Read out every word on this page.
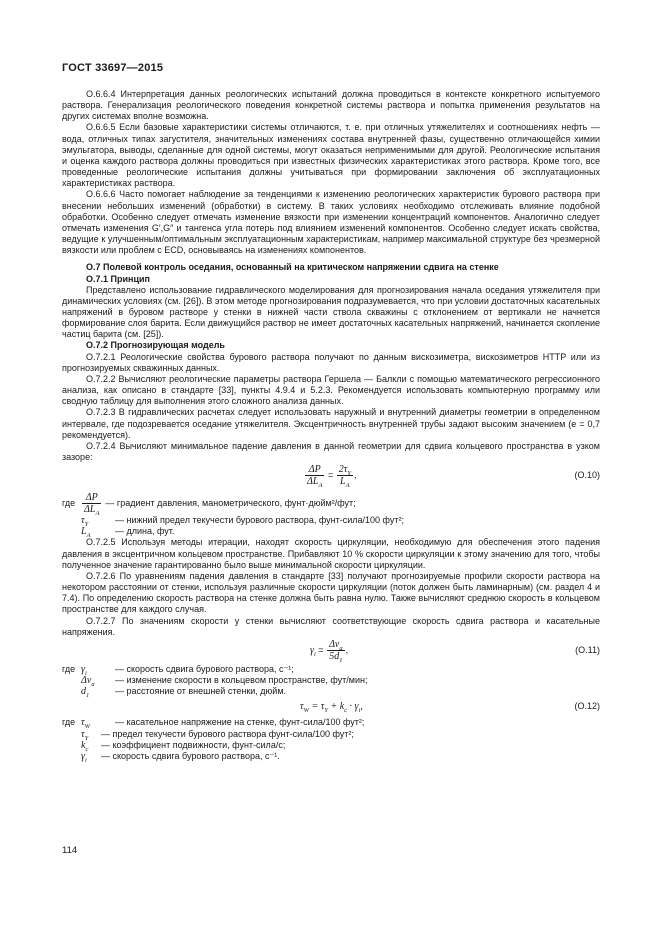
ГОСТ 33697—2015

О.6.6.4 Интерпретация данных реологических испытаний должна проводиться в контексте конкретного испытуемого раствора. Генерализация реологического поведения конкретной системы раствора и попытка применения результатов на других системах вполне возможна.

О.6.6.5 Если базовые характеристики системы отличаются, т. е. при отличных утяжелителях и соотношениях нефть — вода, отличных типах загустителя, значительных изменениях состава внутренней фазы, существенно отличающейся химии эмульгатора, выводы, сделанные для одной системы, могут оказаться неприменимыми для другой. Реологические испытания и оценка каждого раствора должны проводиться при известных физических характеристиках этого раствора. Кроме того, все проведенные реологические испытания должны учитываться при формировании заключения об эксплуатационных характеристиках раствора.

О.6.6.6 Часто помогает наблюдение за тенденциями к изменению реологических характеристик бурового раствора при внесении небольших изменений (обработки) в систему. В таких условиях необходимо отслеживать влияние подобной обработки. Особенно следует отмечать изменение вязкости при изменении концентраций компонентов. Аналогично следует отмечать изменения G′,G″ и тангенса угла потерь под влиянием изменений компонентов. Особенно следует искать свойства, ведущие к улучшенным/оптимальным эксплуатационным характеристикам, например максимальной структуре без чрезмерной вязкости или проблем с ECD, основываясь на изменениях компонентов.

О.7 Полевой контроль оседания, основанный на критическом напряжении сдвига на стенке

О.7.1 Принцип

Представлено использование гидравлического моделирования для прогнозирования начала оседания утяжелителя при динамических условиях (см. [26]). В этом методе прогнозирования подразумевается, что при условии достаточных касательных напряжений в буровом растворе у стенки в нижней части ствола скважины с отклонением от вертикали не начнется формирование слоя барита. Если движущийся раствор не имеет достаточных касательных напряжений, начинается скопление частиц барита (см. [25]).

О.7.2 Прогнозирующая модель

О.7.2.1 Реологические свойства бурового раствора получают по данным вискозиметра, вискозиметров HTTP или из прогнозируемых скважинных данных.

О.7.2.2 Вычисляют реологические параметры раствора Гершела — Балкли с помощью математического регрессионного анализа, как описано в стандарте [33], пункты 4.9.4 и 5.2.3. Рекомендуется использовать компьютерную программу или сводную таблицу для выполнения этого сложного анализа данных.

О.7.2.3 В гидравлических расчетах следует использовать наружный и внутренний диаметры геометрии в определенном интервале, где подозревается оседание утяжелителя. Эксцентричность внутренней трубы задают высоким значением (e = 0,7 рекомендуется).

О.7.2.4 Вычисляют минимальное падение давления в данной геометрии для сдвига кольцевого пространства в узком зазоре:

$\frac{\Delta P}{\Delta L_A} = \frac{2\tau_Y}{L_A}$ ,	(О.10)

где $\frac{\Delta P}{\Delta L_A}$ — градиент давления, манометрического, фунт·дюйм²/фут;

$\tau_Y$	— нижний предел текучести бурового раствора, фунт-сила/100 фут²;

$L_A$	— длина, фут.

О.7.2.5 Используя методы итерации, находят скорость циркуляции, необходимую для обеспечения этого падения давления в эксцентричном кольцевом пространстве. Прибавляют 10 % скорости циркуляции к этому значению для того, чтобы полученное значение гарантированно было выше минимальной скорости циркуляции.

О.7.2.6 По уравнениям падения давления в стандарте [33] получают прогнозируемые профили скорости раствора на некотором расстоянии от стенки, используя различные скорости циркуляции (поток должен быть ламинарным) (см. раздел 4 и 7.4). По определению скорость раствора на стенке должна быть равна нулю. Также вычисляют среднюю скорость в кольцевом пространстве для каждого случая.

О.7.2.7 По значениям скорости у стенки вычисляют соответствующие скорость сдвига раствора и касательные напряжения.

$\gamma_i = \frac{\Delta\nu_a}{5d_1}$ ,	(О.11)

где $\gamma_i$	— скорость сдвига бурового раствора, с⁻¹;

$\Delta\nu_a$ — изменение скорости в кольцевом пространстве, фут/мин;

$d_1$	— расстояние от внешней стенки, дюйм.

$\tau_W = \tau_Y + k_c \cdot \gamma_i$,	(О.12)

где $\tau_W$	— касательное напряжение на стенке, фунт-сила/100 фут²;

$\tau_Y$ — предел текучести бурового раствора фунт-сила/100 фут²;

$k_c$ — коэффициент подвижности, фунт-сила/с;

$\gamma_i$ — скорость сдвига бурового раствора, с⁻¹.

114
